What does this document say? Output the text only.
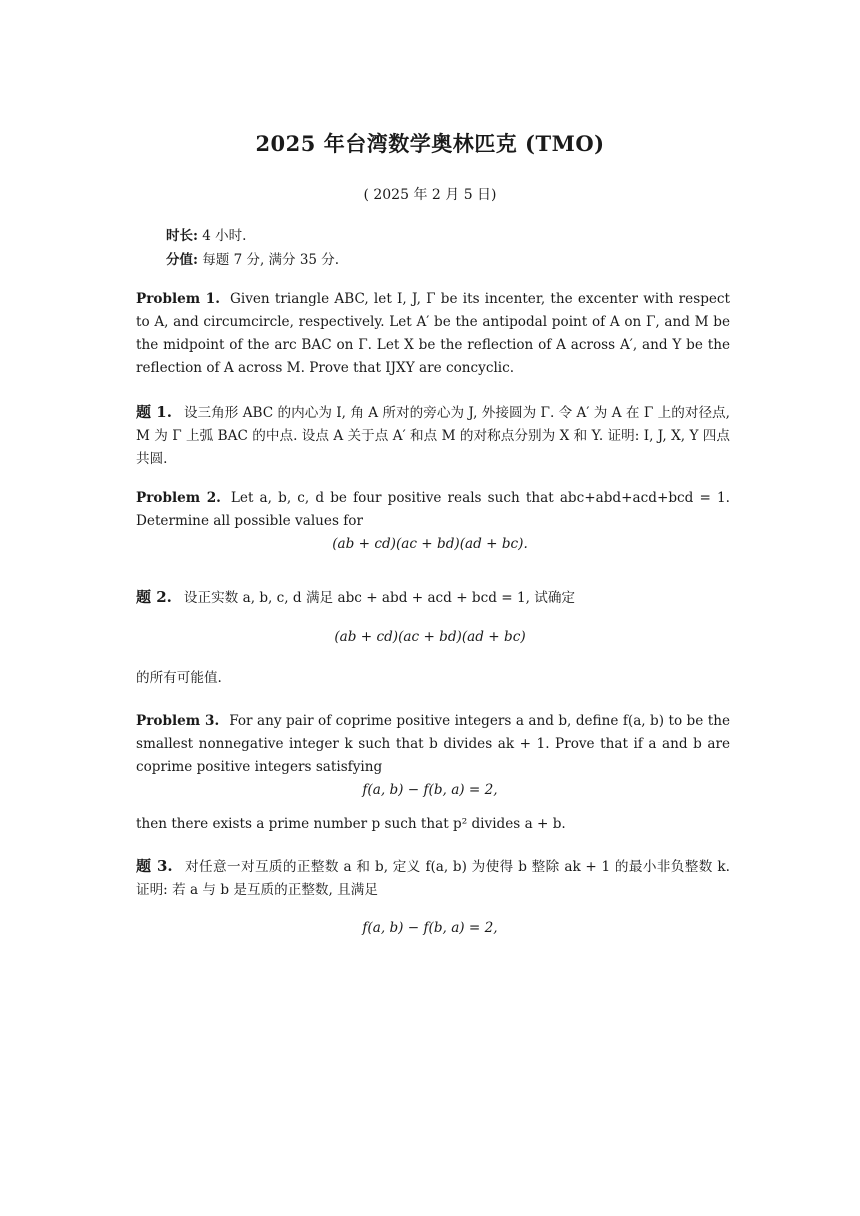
2025 年台湾数学奥林匹克 (TMO)
( 2025 年 2 月 5 日)
时长: 4 小时.
分值: 每题 7 分, 满分 35 分.
Problem 1. Given triangle ABC, let I, J, Γ be its incenter, the excenter with respect to A, and circumcircle, respectively. Let A′ be the antipodal point of A on Γ, and M be the midpoint of the arc BAC on Γ. Let X be the reflection of A across A′, and Y be the reflection of A across M. Prove that IJXY are concyclic.
题 1. 设三角形 ABC 的内心为 I, 角 A 所对的旁心为 J, 外接圆为 Γ. 令 A′ 为 A 在 Γ 上的对径点, M 为 Γ 上弧 BAC 的中点. 设点 A 关于点 A′ 和点 M 的对称点分别为 X 和 Y. 证明: I, J, X, Y 四点共圆.
Problem 2. Let a, b, c, d be four positive reals such that abc+abd+acd+bcd = 1. Determine all possible values for
(ab + cd)(ac + bd)(ad + bc).
题 2. 设正实数 a, b, c, d 满足 abc + abd + acd + bcd = 1, 试确定
(ab + cd)(ac + bd)(ad + bc)
的所有可能值.
Problem 3. For any pair of coprime positive integers a and b, define f(a, b) to be the smallest nonnegative integer k such that b divides ak + 1. Prove that if a and b are coprime positive integers satisfying
f(a, b) − f(b, a) = 2,
then there exists a prime number p such that p² divides a + b.
题 3. 对任意一对互质的正整数 a 和 b, 定义 f(a, b) 为使得 b 整除 ak + 1 的最小非负整数 k. 证明: 若 a 与 b 是互质的正整数, 且满足
f(a, b) − f(b, a) = 2,
